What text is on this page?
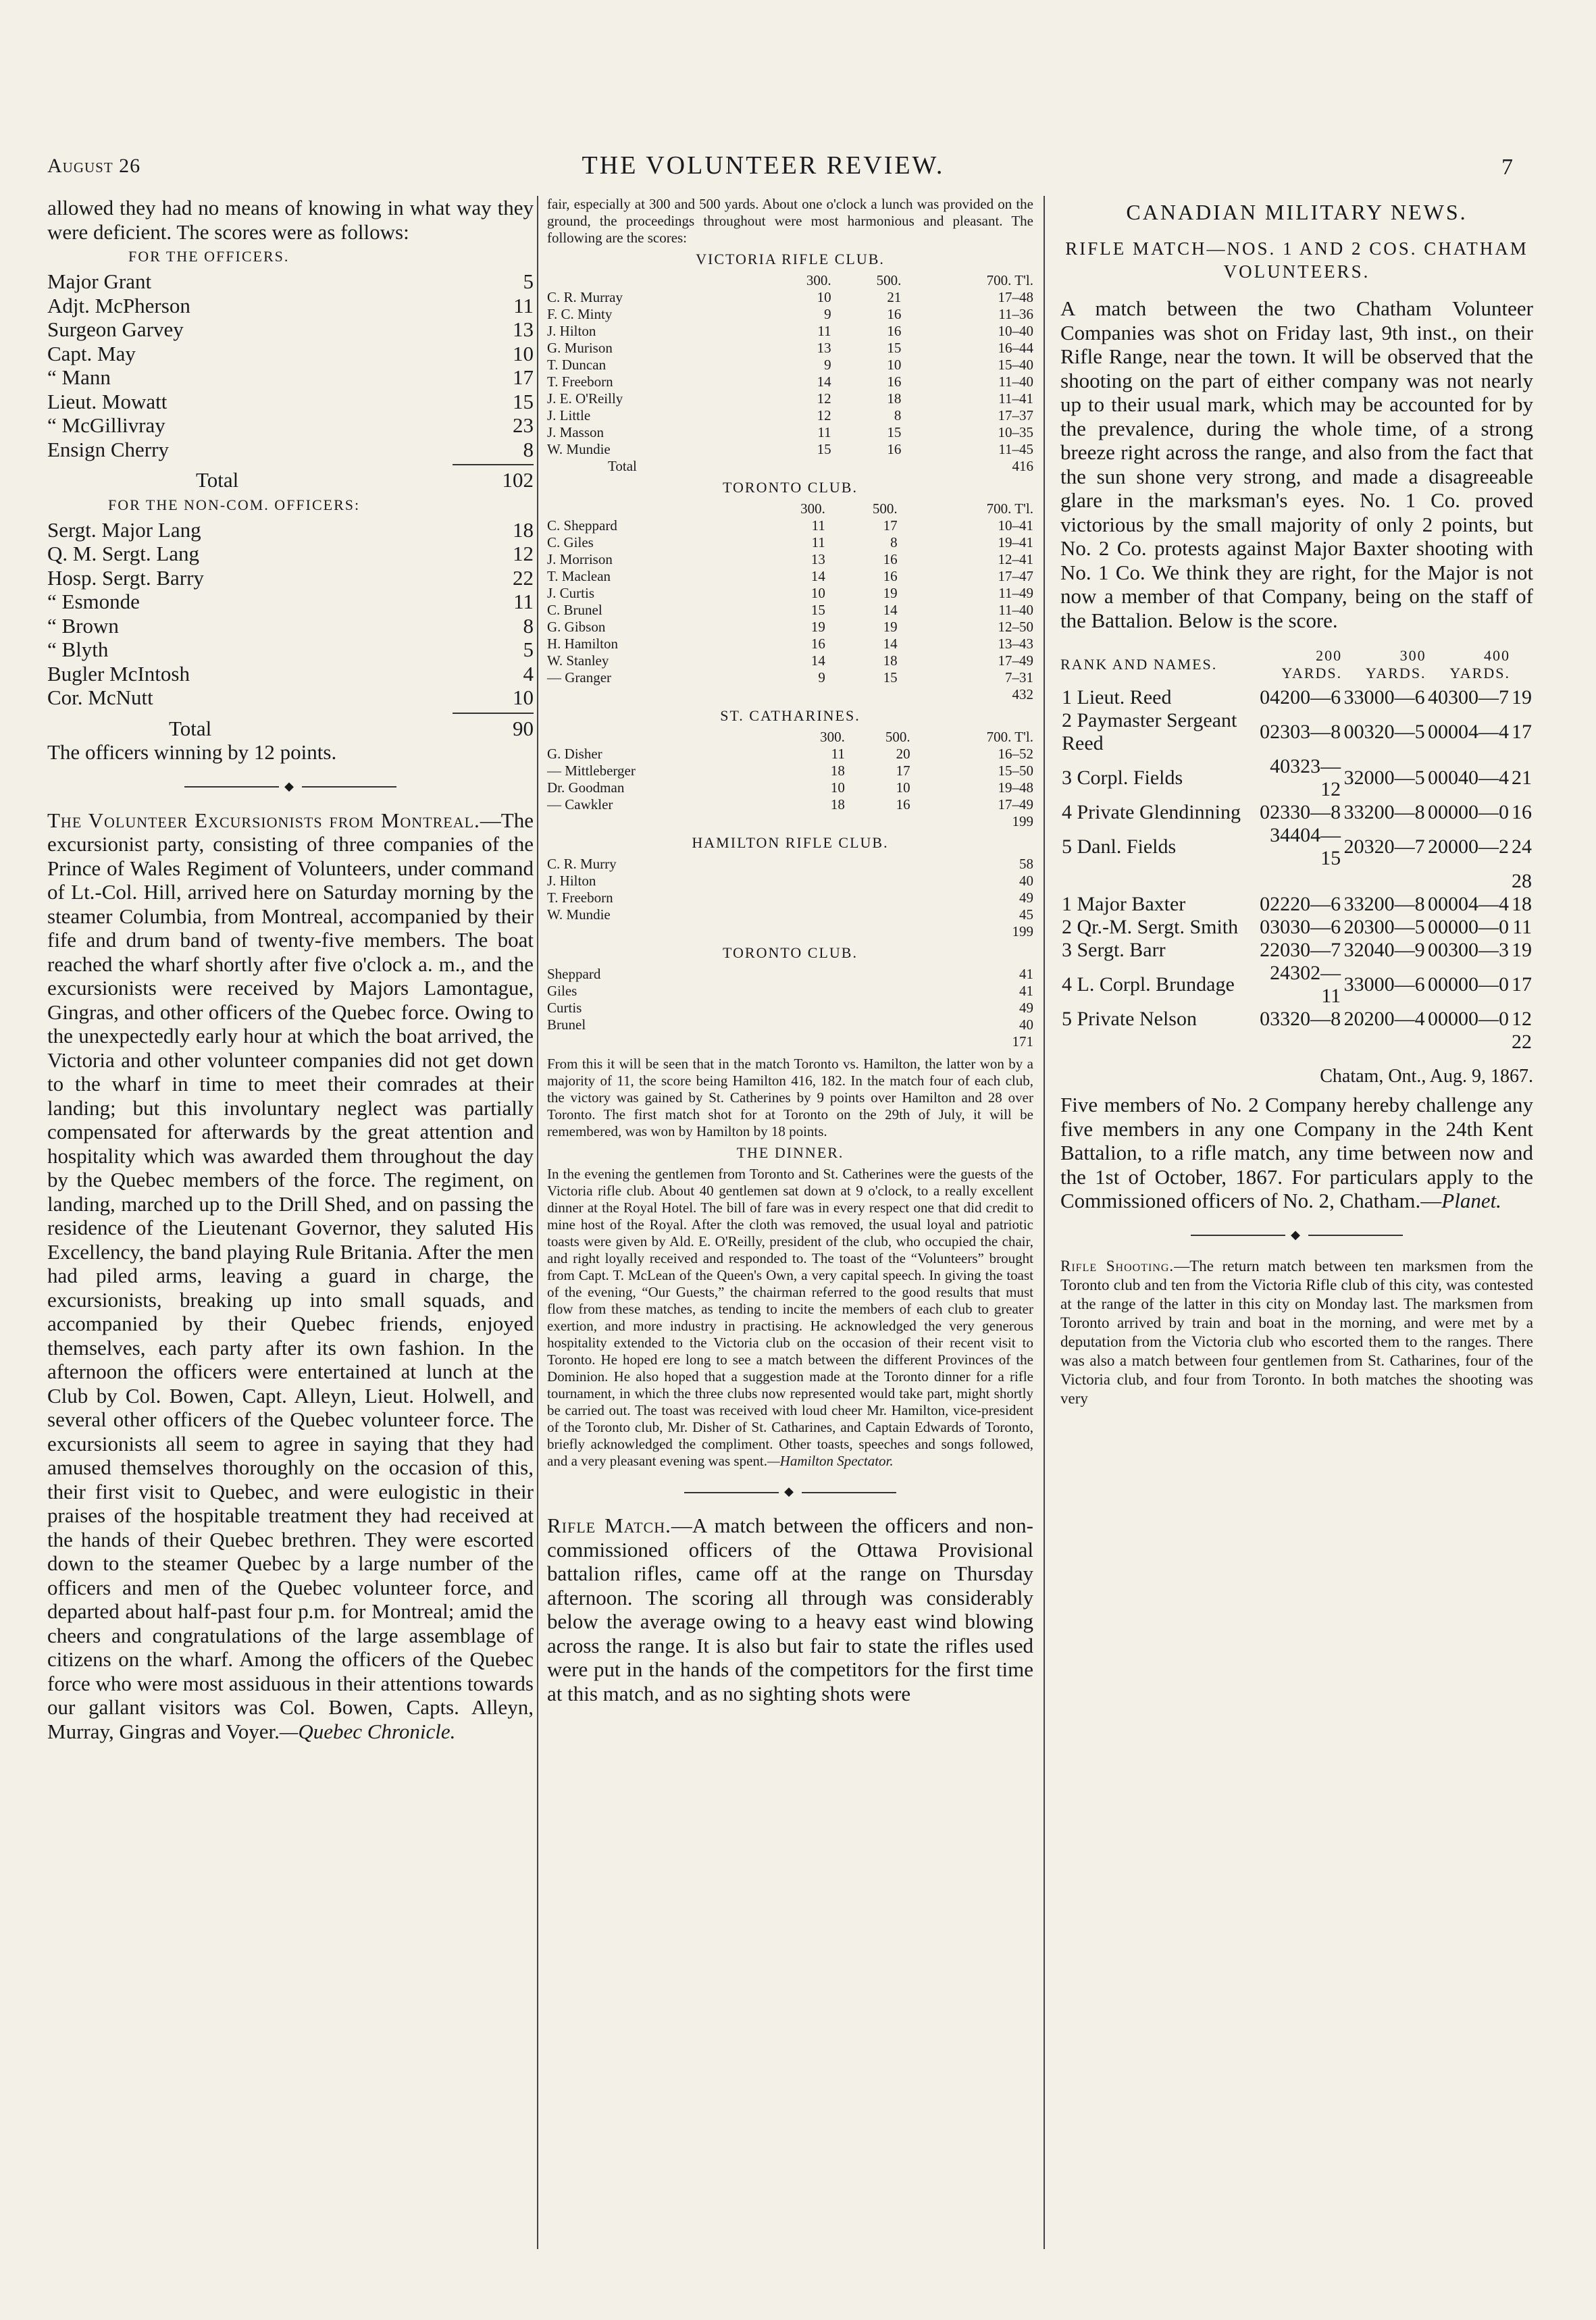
August 26	THE VOLUNTEER REVIEW.	7

allowed they had no means of knowing in what way they were deficient. The scores were as follows:

FOR THE OFFICERS.
Major Grant	5
Adjt. McPherson	11
Surgeon Garvey	13
Capt. May	10
“ Mann	17
Lieut. Mowatt	15
“ McGillivray	23
Ensign Cherry	8
Total	102
FOR THE NON-COM. OFFICERS:
Sergt. Major Lang	18
Q. M. Sergt. Lang	12
Hosp. Sergt. Barry	22
“ Esmonde	11
“ Brown	8
“ Blyth	5
Bugler McIntosh	4
Cor. McNutt	10
Total	90

The officers winning by 12 points.

◆

The Volunteer Excursionists from Montreal.—The excursionist party, consisting of three companies of the Prince of Wales Regiment of Volunteers, under command of Lt.-Col. Hill, arrived here on Saturday morning by the steamer Columbia, from Montreal, accompanied by their fife and drum band of twenty-five members. The boat reached the wharf shortly after five o'clock a. m., and the excursionists were received by Majors Lamontague, Gingras, and other officers of the Quebec force. Owing to the unexpectedly early hour at which the boat arrived, the Victoria and other volunteer companies did not get down to the wharf in time to meet their comrades at their landing; but this involuntary neglect was partially compensated for afterwards by the great attention and hospitality which was awarded them throughout the day by the Quebec members of the force. The regiment, on landing, marched up to the Drill Shed, and on passing the residence of the Lieutenant Governor, they saluted His Excellency, the band playing Rule Britania. After the men had piled arms, leaving a guard in charge, the excursionists, breaking up into small squads, and accompanied by their Quebec friends, enjoyed themselves, each party after its own fashion. In the afternoon the officers were entertained at lunch at the Club by Col. Bowen, Capt. Alleyn, Lieut. Holwell, and several other officers of the Quebec volunteer force. The excursionists all seem to agree in saying that they had amused themselves thoroughly on the occasion of this, their first visit to Quebec, and were eulogistic in their praises of the hospitable treatment they had received at the hands of their Quebec brethren. They were escorted down to the steamer Quebec by a large number of the officers and men of the Quebec volunteer force, and departed about half-past four p.m. for Montreal; amid the cheers and congratulations of the large assemblage of citizens on the wharf. Among the officers of the Quebec force who were most assiduous in their attentions towards our gallant visitors was Col. Bowen, Capts. Alleyn, Murray, Gingras and Voyer.—Quebec Chronicle.

fair, especially at 300 and 500 yards. About one o'clock a lunch was provided on the ground, the proceedings throughout were most harmonious and pleasant. The following are the scores:

VICTORIA RIFLE CLUB.
	300.	500.	700. T'l.
C. R. Murray	10	21	17–48
F. C. Minty	9	16	11–36
J. Hilton	11	16	10–40
G. Murison	13	15	16–44
T. Duncan	9	10	15–40
T. Freeborn	14	16	11–40
J. E. O'Reilly	12	18	11–41
J. Little	12	8	17–37
J. Masson	11	15	10–35
W. Mundie	15	16	11–45
Total	416
TORONTO CLUB.
	300.	500.	700. T'l.
C. Sheppard	11	17	10–41
C. Giles	11	8	19–41
J. Morrison	13	16	12–41
T. Maclean	14	16	17–47
J. Curtis	10	19	11–49
C. Brunel	15	14	11–40
G. Gibson	19	19	12–50
H. Hamilton	16	14	13–43
W. Stanley	14	18	17–49
— Granger	9	15	7–31
432
ST. CATHARINES.
	300.	500.	700. T'l.
G. Disher	11	20	16–52
— Mittleberger	18	17	15–50
Dr. Goodman	10	10	19–48
— Cawkler	18	16	17–49
199
HAMILTON RIFLE CLUB.
C. R. Murry	58
J. Hilton	40
T. Freeborn	49
W. Mundie	45
199
TORONTO CLUB.
Sheppard	41
Giles	41
Curtis	49
Brunel	40
171

From this it will be seen that in the match Toronto vs. Hamilton, the latter won by a majority of 11, the score being Hamilton 416, 182. In the match four of each club, the victory was gained by St. Catherines by 9 points over Hamilton and 28 over Toronto. The first match shot for at Toronto on the 29th of July, it will be remembered, was won by Hamilton by 18 points.

THE DINNER.

In the evening the gentlemen from Toronto and St. Catherines were the guests of the Victoria rifle club. About 40 gentlemen sat down at 9 o'clock, to a really excellent dinner at the Royal Hotel. The bill of fare was in every respect one that did credit to mine host of the Royal. After the cloth was removed, the usual loyal and patriotic toasts were given by Ald. E. O'Reilly, president of the club, who occupied the chair, and right loyally received and responded to. The toast of the “Volunteers” brought from Capt. T. McLean of the Queen's Own, a very capital speech. In giving the toast of the evening, “Our Guests,” the chairman referred to the good results that must flow from these matches, as tending to incite the members of each club to greater exertion, and more industry in practising. He acknowledged the very generous hospitality extended to the Victoria club on the occasion of their recent visit to Toronto. He hoped ere long to see a match between the different Provinces of the Dominion. He also hoped that a suggestion made at the Toronto dinner for a rifle tournament, in which the three clubs now represented would take part, might shortly be carried out. The toast was received with loud cheer Mr. Hamilton, vice-president of the Toronto club, Mr. Disher of St. Catharines, and Captain Edwards of Toronto, briefly acknowledged the compliment. Other toasts, speeches and songs followed, and a very pleasant evening was spent.—Hamilton Spectator.

◆

Rifle Match.—A match between the officers and non-commissioned officers of the Ottawa Provisional battalion rifles, came off at the range on Thursday afternoon. The scoring all through was considerably below the average owing to a heavy east wind blowing across the range. It is also but fair to state the rifles used were put in the hands of the competitors for the first time at this match, and as no sighting shots were

CANADIAN MILITARY NEWS.
RIFLE MATCH—NOS. 1 AND 2 COS. CHATHAM VOLUNTEERS.

A match between the two Chatham Volunteer Companies was shot on Friday last, 9th inst., on their Rifle Range, near the town. It will be observed that the shooting on the part of either company was not nearly up to their usual mark, which may be accounted for by the prevalence, during the whole time, of a strong breeze right across the range, and also from the fact that the sun shone very strong, and made a disagreeable glare in the marksman's eyes. No. 1 Co. proved victorious by the small majority of only 2 points, but No. 2 Co. protests against Major Baxter shooting with No. 1 Co. We think they are right, for the Major is not now a member of that Company, being on the staff of the Battalion. Below is the score.

RANK AND NAMES.	200 YARDS.	300 YARDS.	400 YARDS.	
1 Lieut. Reed	04200—6	33000—6	40300—7	19
2 Paymaster Sergeant Reed	02303—8	00320—5	00004—4	17
3 Corpl. Fields	40323—12	32000—5	00040—4	21
4 Private Glendinning	02330—8	33200—8	00000—0	16
5 Danl. Fields	34404—15	20320—7	20000—2	24
				28
1 Major Baxter	02220—6	33200—8	00004—4	18
2 Qr.-M. Sergt. Smith	03030—6	20300—5	00000—0	11
3 Sergt. Barr	22030—7	32040—9	00300—3	19
4 L. Corpl. Brundage	24302—11	33000—6	00000—0	17
5 Private Nelson	03320—8	20200—4	00000—0	12
				22
Chatam, Ont., Aug. 9, 1867.

Five members of No. 2 Company hereby challenge any five members in any one Company in the 24th Kent Battalion, to a rifle match, any time between now and the 1st of October, 1867. For particulars apply to the Commissioned officers of No. 2, Chatham.—Planet.

◆

Rifle Shooting.—The return match between ten marksmen from the Toronto club and ten from the Victoria Rifle club of this city, was contested at the range of the latter in this city on Monday last. The marksmen from Toronto arrived by train and boat in the morning, and were met by a deputation from the Victoria club who escorted them to the ranges. There was also a match between four gentlemen from St. Catharines, four of the Victoria club, and four from Toronto. In both matches the shooting was very
